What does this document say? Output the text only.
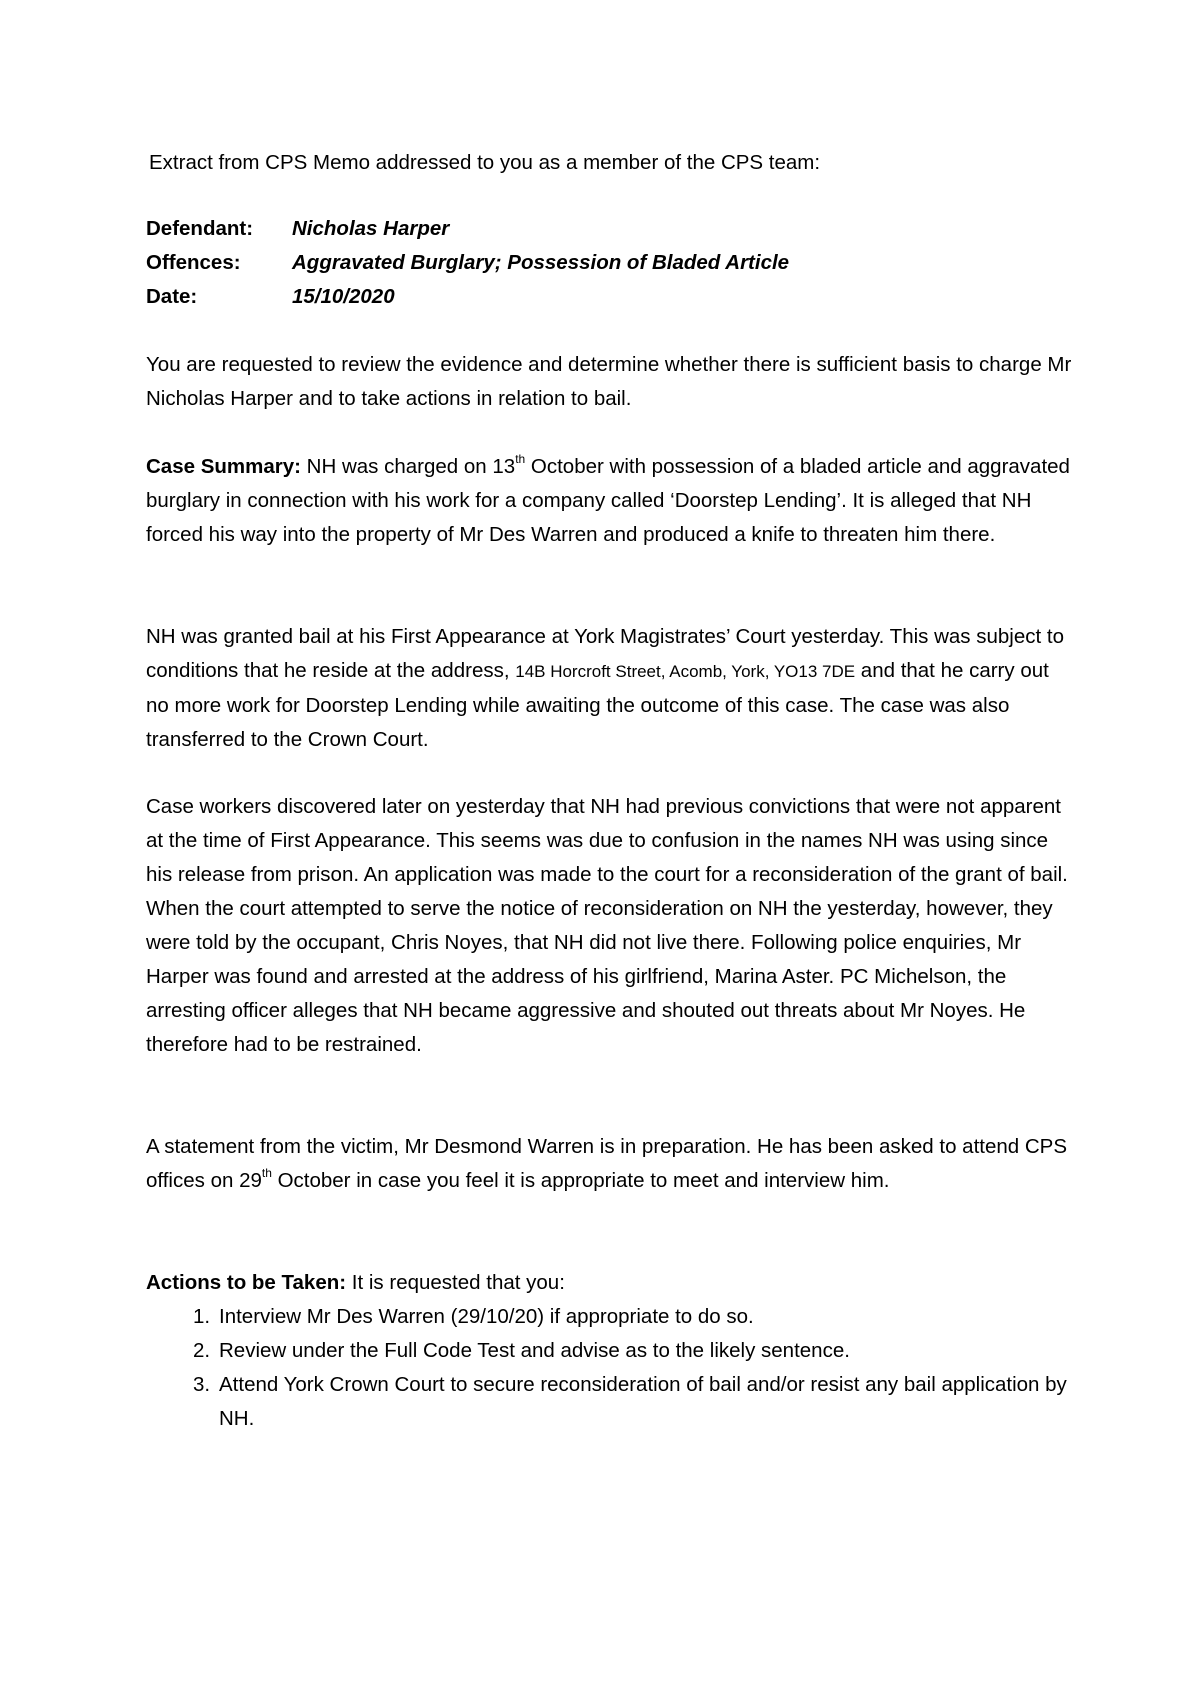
Extract from CPS Memo addressed to you as a member of the CPS team:

Defendant:	Nicholas Harper
Offences:	Aggravated Burglary; Possession of Bladed Article
Date:	15/10/2020

You are requested to review the evidence and determine whether there is sufficient basis to charge Mr Nicholas Harper and to take actions in relation to bail.

Case Summary: NH was charged on 13th October with possession of a bladed article and aggravated burglary in connection with his work for a company called ‘Doorstep Lending’. It is alleged that NH forced his way into the property of Mr Des Warren and produced a knife to threaten him there.

NH was granted bail at his First Appearance at York Magistrates’ Court yesterday. This was subject to conditions that he reside at the address, 14B Horcroft Street, Acomb, York, YO13 7DE and that he carry out no more work for Doorstep Lending while awaiting the outcome of this case. The case was also transferred to the Crown Court.

Case workers discovered later on yesterday that NH had previous convictions that were not apparent at the time of First Appearance. This seems was due to confusion in the names NH was using since his release from prison. An application was made to the court for a reconsideration of the grant of bail. When the court attempted to serve the notice of reconsideration on NH the yesterday, however, they were told by the occupant, Chris Noyes, that NH did not live there. Following police enquiries, Mr Harper was found and arrested at the address of his girlfriend, Marina Aster. PC Michelson, the arresting officer alleges that NH became aggressive and shouted out threats about Mr Noyes. He therefore had to be restrained.

A statement from the victim, Mr Desmond Warren is in preparation. He has been asked to attend CPS offices on 29th October in case you feel it is appropriate to meet and interview him.

Actions to be Taken: It is requested that you:

1. Interview Mr Des Warren (29/10/20) if appropriate to do so.
2. Review under the Full Code Test and advise as to the likely sentence.
3. Attend York Crown Court to secure reconsideration of bail and/or resist any bail application by NH.
